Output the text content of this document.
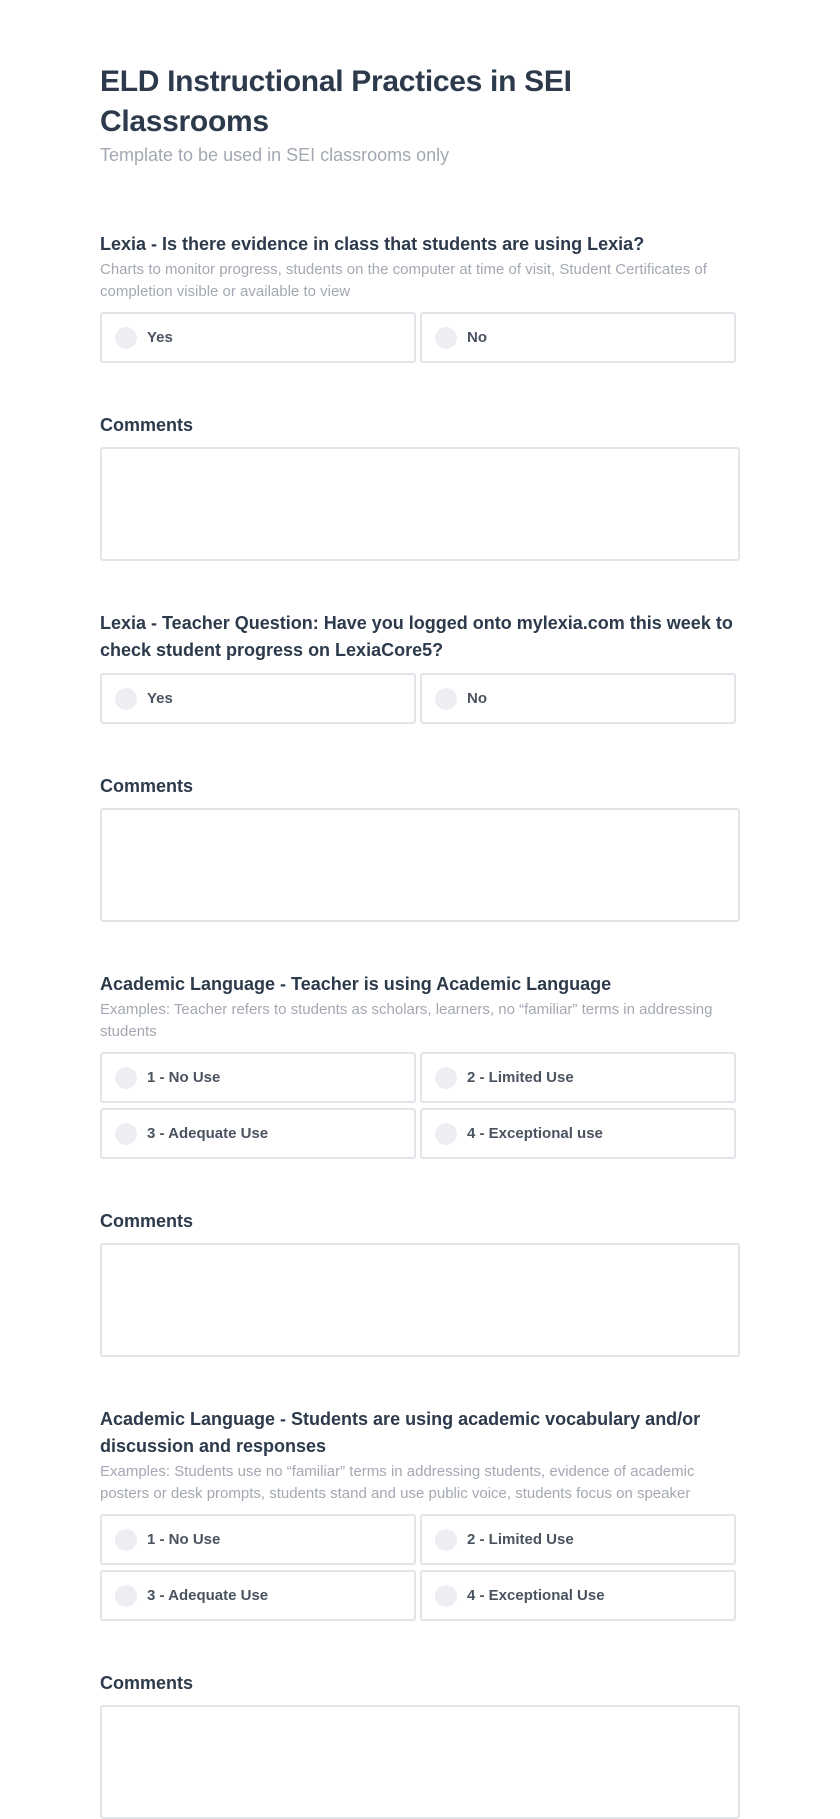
ELD Instructional Practices in SEI Classrooms

Template to be used in SEI classrooms only

Lexia - Is there evidence in class that students are using Lexia?

Charts to monitor progress, students on the computer at time of visit, Student Certificates of completion visible or available to view

Yes	No
Comments
Lexia - Teacher Question: Have you logged onto mylexia.com this week to check student progress on LexiaCore5?
Yes	No
Comments
Academic Language - Teacher is using Academic Language

Examples: Teacher refers to students as scholars, learners, no “familiar” terms in addressing students

1 - No Use	2 - Limited Use
3 - Adequate Use	4 - Exceptional use
Comments
Academic Language - Students are using academic vocabulary and/or discussion and responses

Examples: Students use no “familiar” terms in addressing students, evidence of academic posters or desk prompts, students stand and use public voice, students focus on speaker

1 - No Use	2 - Limited Use
3 - Adequate Use	4 - Exceptional Use
Comments
